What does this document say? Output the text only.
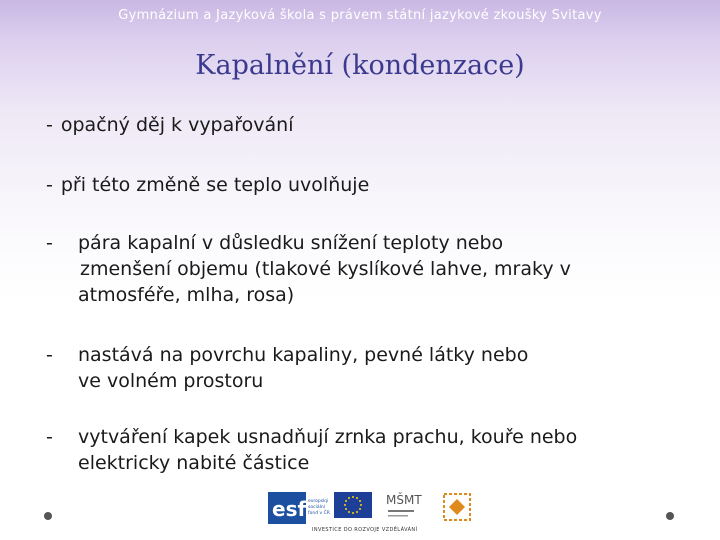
Gymnázium a Jazyková škola s právem státní jazykové zkoušky Svitavy
Kapalnění (kondenzace)
- opačný děj k vypařování
- při této změně se teplo uvolňuje
- pára kapalní v důsledku snížení teploty nebo
zmenšení objemu (tlakové kyslíkové lahve, mraky v
atmosféře, mlha, rosa)
- nastává na povrchu kapaliny, pevné látky nebo
ve volném prostoru
- vytváření kapek usnadňují zrnka prachu, kouře nebo
elektricky nabité částice
esf evropský
sociální
fond v ČR
MŠMT
INVESTICE DO ROZVOJE VZDĚLÁVÁNÍ
